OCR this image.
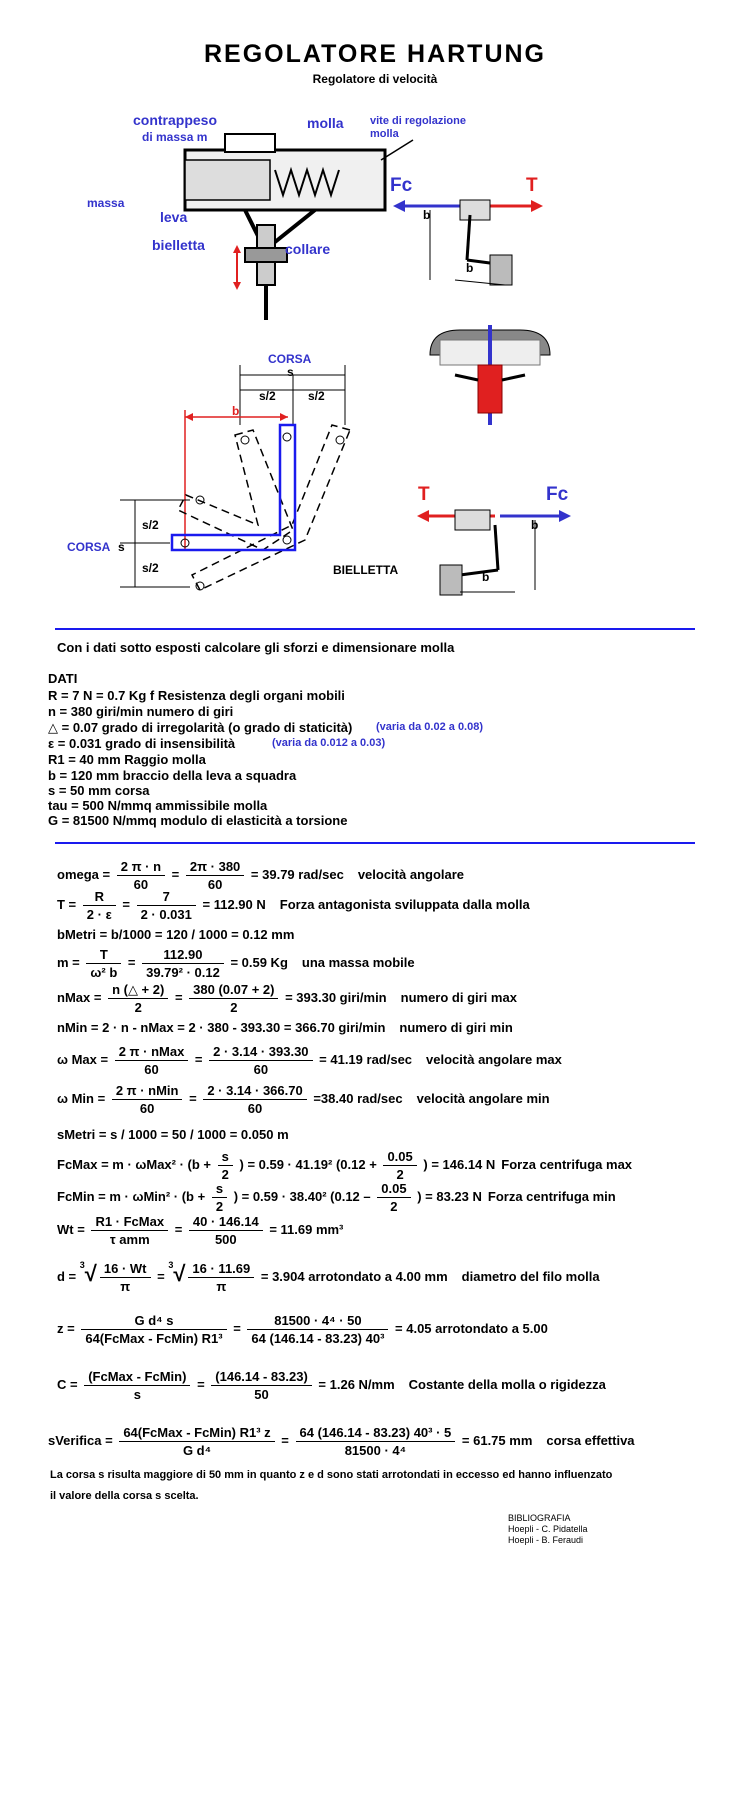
REGOLATORE HARTUNG
Regolatore di velocità
contrappeso
di massa m
molla vite di regolazione
molla
massa
leva
bielletta	collare
Fc	T
b
b
CORSA
s
s/2	s/2
b
s/2
CORSA s
s/2	BIELLETTA
T	Fc
b
b
Con i dati sotto esposti calcolare gli sforzi e dimensionare molla
DATI
R = 7 N = 0.7 Kg f Resistenza degli organi mobili
n = 380 giri/min numero di giri
△ = 0.07 grado di irregolarità (o grado di staticità) (varia da 0.02 a 0.08)
ε = 0.031 grado di insensibilità	(varia da 0.012 a 0.03)
R1 = 40 mm Raggio molla
b = 120 mm braccio della leva a squadra
s = 50 mm corsa
tau = 500 N/mmq ammissibile molla
G = 81500 N/mmq modulo di elasticità a torsione
omega = $\frac{2 \pi \cdot n}{60} = \frac{2\pi \cdot 380}{60} = 39.79$ rad/sec velocità angolare
$T = \frac{R}{2 \cdot \varepsilon} = \frac{7}{2 \cdot 0.031} = 112.90$ N Forza antagonista sviluppata dalla molla
bMetri = b/1000 = 120 / 1000 = 0.12 mm
$m = \frac{T}{\text{ω² b}} = \frac{112.90}{\text{39.79² · 0.12}} = 0.59$ Kg una massa mobile
nMax = $\frac{n (\triangle + 2)}{2} = \frac{380 (0.07 + 2)}{2} = 393.30$ giri/min numero di giri max
nMin = 2 · n - nMax = 2 · 380 - 393.30 = 366.70 giri/min numero di giri min
ω Max = $\frac{\text{2 π · nMax}}{60} = \frac{2 \cdot 3.14 \cdot 393.30}{60} = 41.19$ rad/sec velocità angolare max
ω Min = $\frac{\text{2 π · nMin}}{60} = \frac{2 \cdot 3.14 \cdot 366.70}{60} =38.40$ rad/sec velocità angolare min
sMetri = s / 1000 = 50 / 1000 = 0.050 m
FcMax = $m \cdot \omega Max^2 \cdot (b + \frac{s}{2}$ ) = 0.59 · 41.19² ($0.12 + \frac{0.05}{2}$ ) = 146.14 N Forza centrifuga max
FcMin = $m \cdot \omega Min^2 \cdot (b + \frac{s}{2}$ ) = 0.59 · 38.40² ($0.12 - \frac{0.05}{2}$ ) = 83.23 N Forza centrifuga min
$Wt = \frac{\text{R1 · FcMax}}{\text{τ amm}} = \frac{40 \cdot 146.14}{500} = 11.69$ mm³
$d = ^3√ \frac{16 \cdot Wt}{\pi} = ^3√ \frac{16 \cdot 11.69}{\pi} = 3.904$ arrotondato a 4.00 mm diametro del filo molla
$z = \frac{\text{G d⁴ s}}{\text{64(FcMax - FcMin) R1³}} = \frac{\text{81500 · 4⁴ · 50}}{\text{64 (146.14 - 83.23) 40³}} = 4.05$ arrotondato a 5.00
$C = \frac{\text{(FcMax - FcMin)}}{s} = \frac{(146.14 - 83.23)}{50} = 1.26$ N/mm Costante della molla o rigidezza
sVerifica = $\frac{\text{64(FcMax - FcMin) R1³ z}}{\text{G d⁴}} = \frac{\text{64 (146.14 - 83.23) 40³ · 5}}{\text{81500 · 4⁴}} = 61.75$ mm corsa effettiva
La corsa s risulta maggiore di 50 mm in quanto z e d sono stati arrotondati in eccesso ed hanno influenzato
il valore della corsa s scelta.
BIBLIOGRAFIA
Hoepli - C. Pidatella
Hoepli - B. Feraudi
